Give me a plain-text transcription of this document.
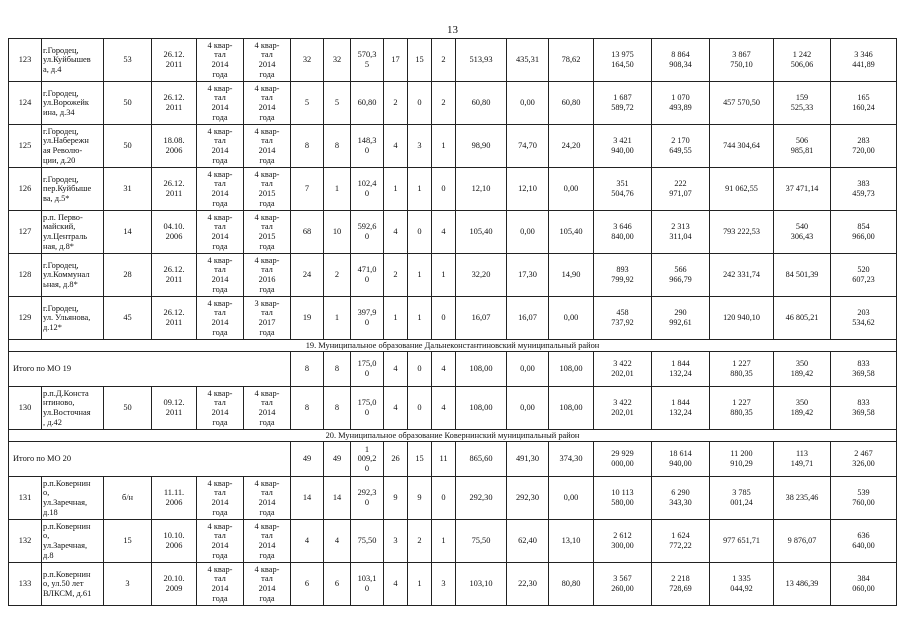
13
123	г.Городец,
ул.Куйбышев
а, д.4	53	26.12.
2011	4 квар-
тал
2014
года	4 квар-
тал
2014
года	32	32	570,3
5	17	15	2	513,93	435,31	78,62	13 975
164,50	8 864
908,34	3 867
750,10	1 242
506,06	3 346
441,89
124	г.Городец,
ул.Ворожейк
ина, д.34	50	26.12.
2011	4 квар-
тал
2014
года	4 квар-
тал
2014
года	5	5	60,80	2	0	2	60,80	0,00	60,80	1 687
589,72	1 070
493,89	457 570,50	159
525,33	165
160,24
125	г.Городец,
ул.Набережн
ая Револю-
ции, д.20	50	18.08.
2006	4 квар-
тал
2014
года	4 квар-
тал
2014
года	8	8	148,3
0	4	3	1	98,90	74,70	24,20	3 421
940,00	2 170
649,55	744 304,64	506
985,81	283
720,00
126	г.Городец,
пер.Куйбыше
ва, д.5*	31	26.12.
2011	4 квар-
тал
2014
года	4 квар-
тал
2015
года	7	1	102,4
0	1	1	0	12,10	12,10	0,00	351
504,76	222
971,07	91 062,55	37 471,14	383
459,73
127	р.п. Перво-
майский,
ул.Централь
ная, д.8*	14	04.10.
2006	4 квар-
тал
2014
года	4 квар-
тал
2015
года	68	10	592,6
0	4	0	4	105,40	0,00	105,40	3 646
840,00	2 313
311,04	793 222,53	540
306,43	854
966,00
128	г.Городец,
ул.Коммунал
ьная, д.8*	28	26.12.
2011	4 квар-
тал
2014
года	4 квар-
тал
2016
года	24	2	471,0
0	2	1	1	32,20	17,30	14,90	893
799,92	566
966,79	242 331,74	84 501,39	520
607,23
129	г.Городец,
ул. Ульянова,
д.12*	45	26.12.
2011	4 квар-
тал
2014
года	3 квар-
тал
2017
года	19	1	397,9
0	1	1	0	16,07	16,07	0,00	458
737,92	290
992,61	120 940,10	46 805,21	203
534,62
19. Муниципальное образование Дальнеконстантиновский муниципальный район																			
Итого по МО 19						8	8	175,0
0	4	0	4	108,00	0,00	108,00	3 422
202,01	1 844
132,24	1 227
880,35	350
189,42	833
369,58
130	р.п.Д.Конста
нтиново,
ул.Восточная
, д.42	50	09.12.
2011	4 квар-
тал
2014
года	4 квар-
тал
2014
года	8	8	175,0
0	4	0	4	108,00	0,00	108,00	3 422
202,01	1 844
132,24	1 227
880,35	350
189,42	833
369,58
20. Муниципальное образование Ковернинский муниципальный район																			
Итого по МО 20						49	49	1
009,2
0	26	15	11	865,60	491,30	374,30	29 929
000,00	18 614
940,00	11 200
910,29	113
149,71	2 467
326,00
131	р.п.Ковернин
о,
ул.Заречная,
д.18	б/н	11.11.
2006	4 квар-
тал
2014
года	4 квар-
тал
2014
года	14	14	292,3
0	9	9	0	292,30	292,30	0,00	10 113
580,00	6 290
343,30	3 785
001,24	38 235,46	539
760,00
132	р.п.Ковернин
о,
ул.Заречная,
д.8	15	10.10.
2006	4 квар-
тал
2014
года	4 квар-
тал
2014
года	4	4	75,50	3	2	1	75,50	62,40	13,10	2 612
300,00	1 624
772,22	977 651,71	9 876,07	636
640,00
133	р.п.Ковернин
о, ул.50 лет
ВЛКСМ, д.61	3	20.10.
2009	4 квар-
тал
2014
года	4 квар-
тал
2014
года	6	6	103,1
0	4	1	3	103,10	22,30	80,80	3 567
260,00	2 218
728,69	1 335
044,92	13 486,39	384
060,00
